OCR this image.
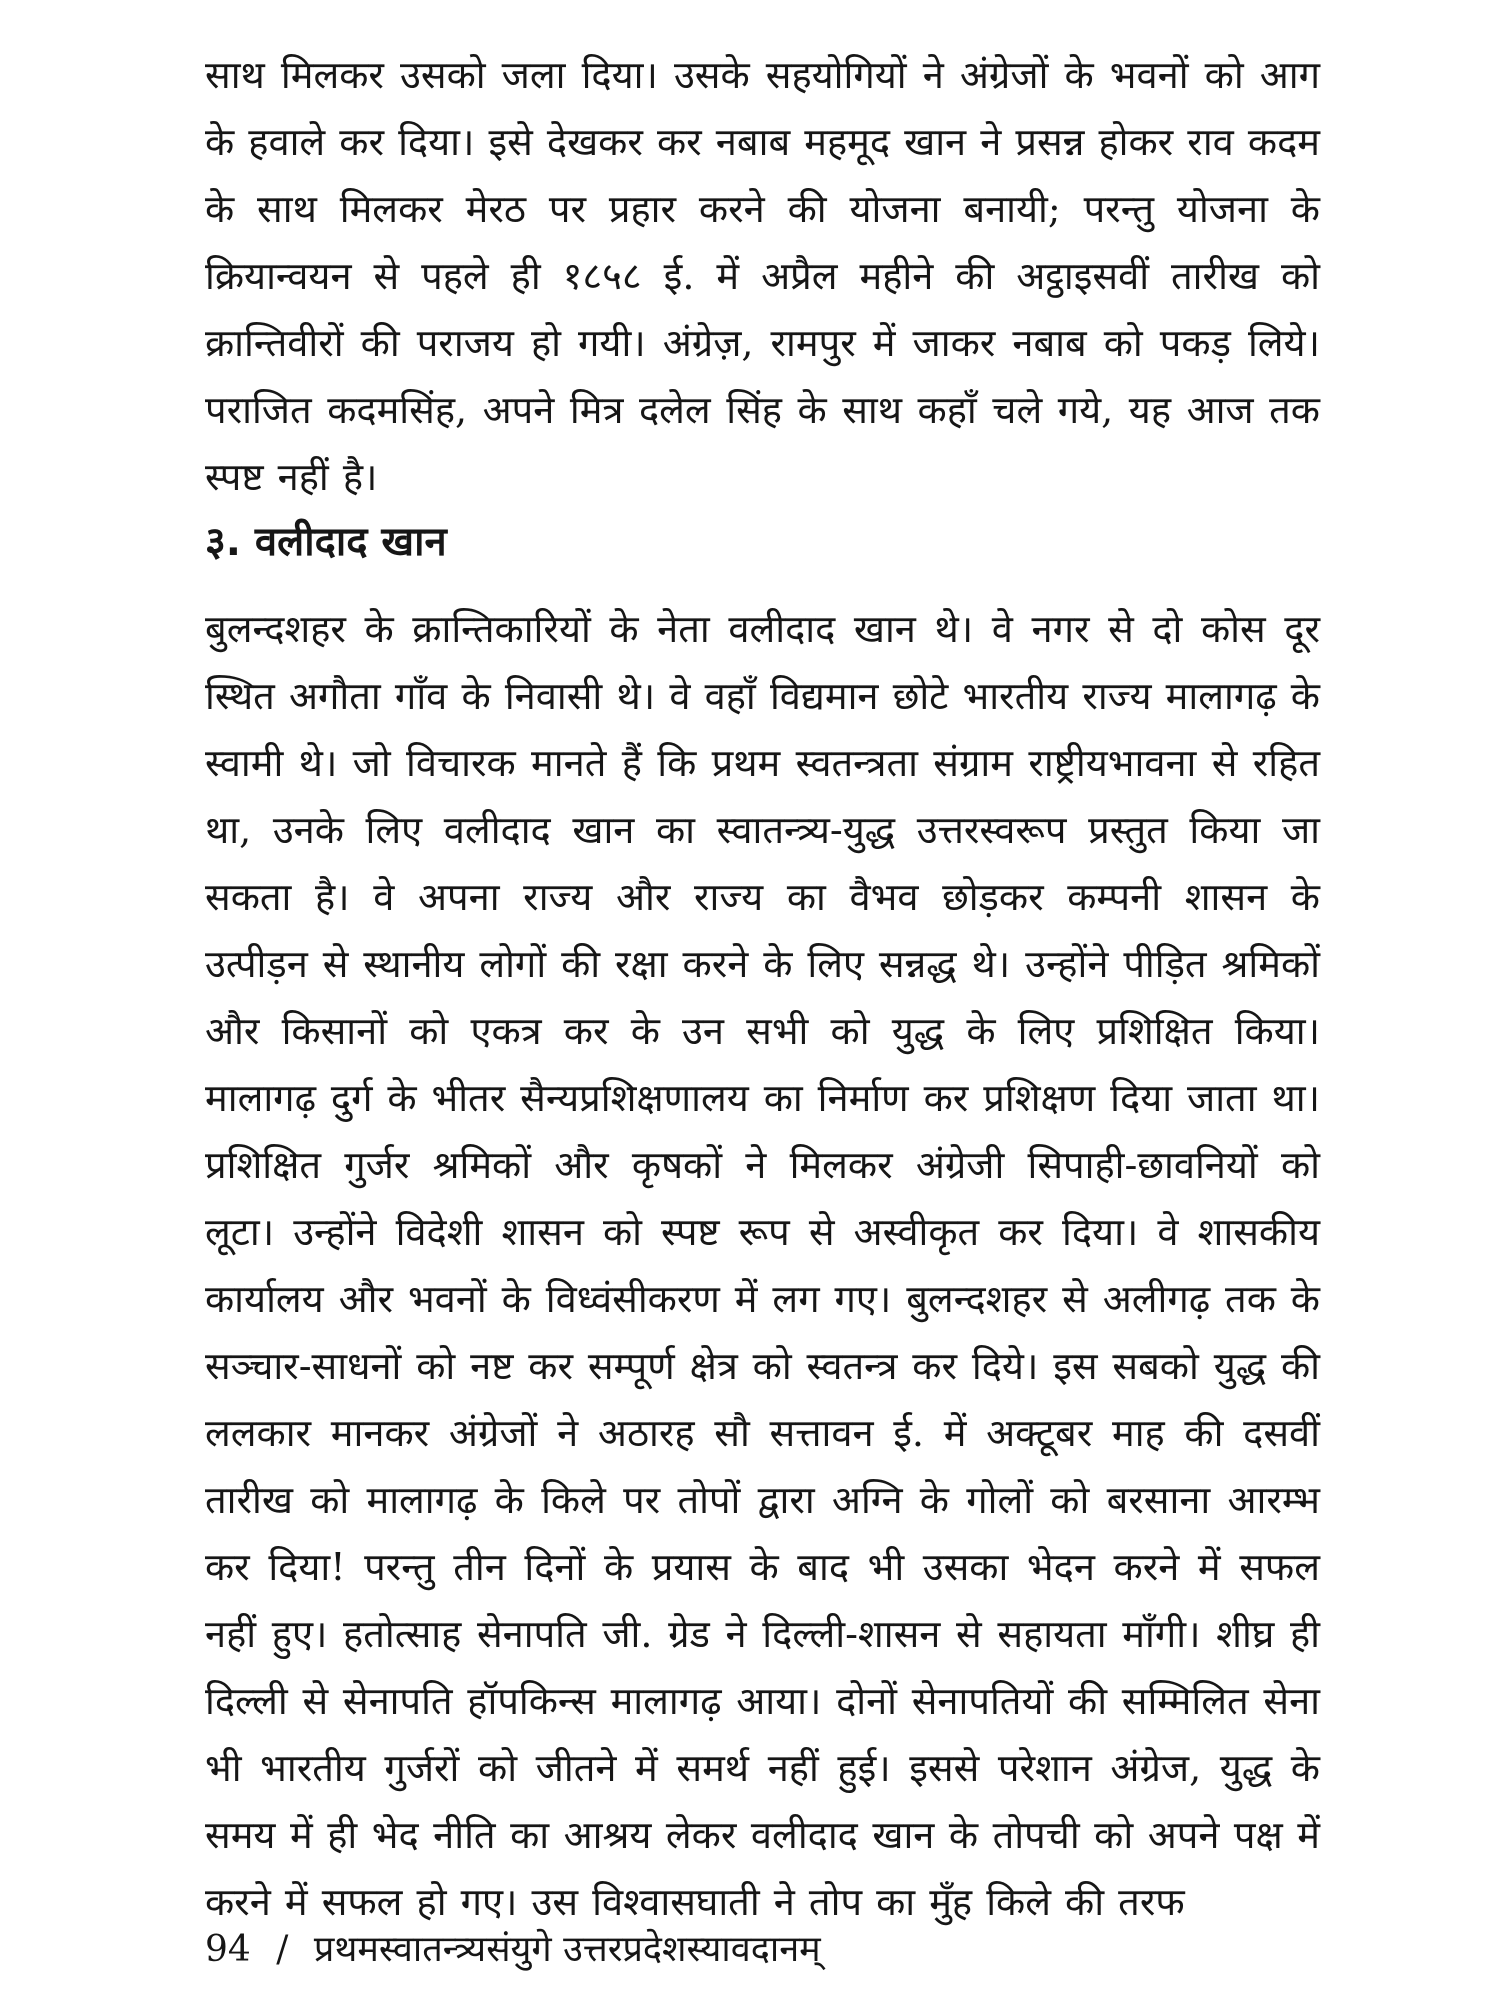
साथ मिलकर उसको जला दिया। उसके सहयोगियों ने अंग्रेजों के भवनों को आग के हवाले कर दिया। इसे देखकर कर नबाब महमूद खान ने प्रसन्न होकर राव कदम के साथ मिलकर मेरठ पर प्रहार करने की योजना बनायी; परन्तु योजना के क्रियान्वयन से पहले ही १८५८ ई. में अप्रैल महीने की अट्ठाइसवीं तारीख को क्रान्तिवीरों की पराजय हो गयी। अंग्रेज़, रामपुर में जाकर नबाब को पकड़ लिये। पराजित कदमसिंह, अपने मित्र दलेल सिंह के साथ कहाँ चले गये, यह आज तक स्पष्ट नहीं है।

३. वलीदाद खान

बुलन्दशहर के क्रान्तिकारियों के नेता वलीदाद खान थे। वे नगर से दो कोस दूर स्थित अगौता गाँव के निवासी थे। वे वहाँ विद्यमान छोटे भारतीय राज्य मालागढ़ के स्वामी थे। जो विचारक मानते हैं कि प्रथम स्वतन्त्रता संग्राम राष्ट्रीयभावना से रहित था, उनके लिए वलीदाद खान का स्वातन्त्र्य-युद्ध उत्तरस्वरूप प्रस्तुत किया जा सकता है। वे अपना राज्य और राज्य का वैभव छोड़कर कम्पनी शासन के उत्पीड़न से स्थानीय लोगों की रक्षा करने के लिए सन्नद्ध थे। उन्होंने पीड़ित श्रमिकों और किसानों को एकत्र कर के उन सभी को युद्ध के लिए प्रशिक्षित किया। मालागढ़ दुर्ग के भीतर सैन्यप्रशिक्षणालय का निर्माण कर प्रशिक्षण दिया जाता था। प्रशिक्षित गुर्जर श्रमिकों और कृषकों ने मिलकर अंग्रेजी सिपाही-छावनियों को लूटा। उन्होंने विदेशी शासन को स्पष्ट रूप से अस्वीकृत कर दिया। वे शासकीय कार्यालय और भवनों के विध्वंसीकरण में लग गए। बुलन्दशहर से अलीगढ़ तक के सञ्चार-साधनों को नष्ट कर सम्पूर्ण क्षेत्र को स्वतन्त्र कर दिये। इस सबको युद्ध की ललकार मानकर अंग्रेजों ने अठारह सौ सत्तावन ई. में अक्टूबर माह की दसवीं तारीख को मालागढ़ के किले पर तोपों द्वारा अग्नि के गोलों को बरसाना आरम्भ कर दिया! परन्तु तीन दिनों के प्रयास के बाद भी उसका भेदन करने में सफल नहीं हुए। हतोत्साह सेनापति जी. ग्रेड ने दिल्ली-शासन से सहायता माँगी। शीघ्र ही दिल्ली से सेनापति हॉपकिन्स मालागढ़ आया। दोनों सेनापतियों की सम्मिलित सेना भी भारतीय गुर्जरों को जीतने में समर्थ नहीं हुई। इससे परेशान अंग्रेज, युद्ध के समय में ही भेद नीति का आश्रय लेकर वलीदाद खान के तोपची को अपने पक्ष में करने में सफल हो गए। उस विश्वासघाती ने तोप का मुँह किले की तरफ

94 / प्रथमस्वातन्त्र्यसंयुगे उत्तरप्रदेशस्यावदानम्
